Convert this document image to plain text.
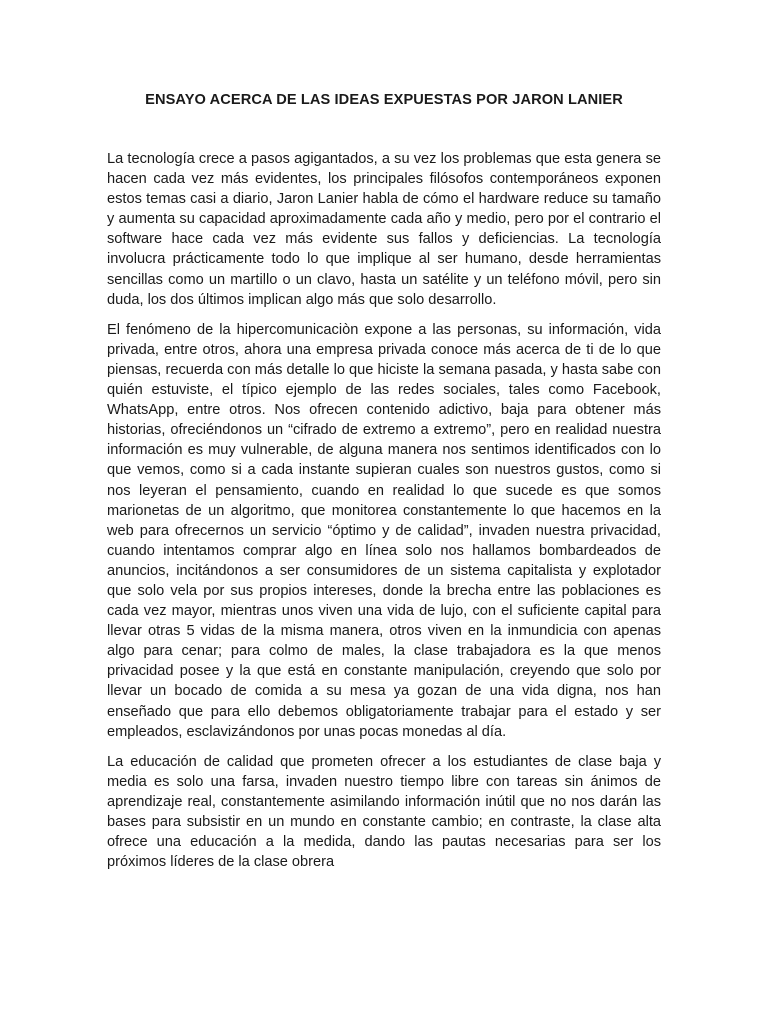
ENSAYO ACERCA DE LAS IDEAS EXPUESTAS POR JARON LANIER

La tecnología crece a pasos agigantados, a su vez los problemas que esta genera se hacen cada vez más evidentes, los principales filósofos contemporáneos exponen estos temas casi a diario, Jaron Lanier habla de cómo el hardware reduce su tamaño y aumenta su capacidad aproximadamente cada año y medio, pero por el contrario el software hace cada vez más evidente sus fallos y deficiencias. La tecnología involucra prácticamente todo lo que implique al ser humano, desde herramientas sencillas como un martillo o un clavo, hasta un satélite y un teléfono móvil, pero sin duda, los dos últimos implican algo más que solo desarrollo.

El fenómeno de la hipercomunicaciòn expone a las personas, su información, vida privada, entre otros, ahora una empresa privada conoce más acerca de ti de lo que piensas, recuerda con más detalle lo que hiciste la semana pasada, y hasta sabe con quién estuviste, el típico ejemplo de las redes sociales, tales como Facebook, WhatsApp, entre otros. Nos ofrecen contenido adictivo, baja para obtener más historias, ofreciéndonos un “cifrado de extremo a extremo”, pero en realidad nuestra información es muy vulnerable, de alguna manera nos sentimos identificados con lo que vemos, como si a cada instante supieran cuales son nuestros gustos, como si nos leyeran el pensamiento, cuando en realidad lo que sucede es que somos marionetas de un algoritmo, que monitorea constantemente lo que hacemos en la web para ofrecernos un servicio “óptimo y de calidad”, invaden nuestra privacidad, cuando intentamos comprar algo en línea solo nos hallamos bombardeados de anuncios, incitándonos a ser consumidores de un sistema capitalista y explotador que solo vela por sus propios intereses, donde la brecha entre las poblaciones es cada vez mayor, mientras unos viven una vida de lujo, con el suficiente capital para llevar otras 5 vidas de la misma manera, otros viven en la inmundicia con apenas algo para cenar; para colmo de males, la clase trabajadora es la que menos privacidad posee y la que está en constante manipulación, creyendo que solo por llevar un bocado de comida a su mesa ya gozan de una vida digna, nos han enseñado que para ello debemos obligatoriamente trabajar para el estado y ser empleados, esclavizándonos por unas pocas monedas al día.

La educación de calidad que prometen ofrecer a los estudiantes de clase baja y media es solo una farsa, invaden nuestro tiempo libre con tareas sin ánimos de aprendizaje real, constantemente asimilando información inútil que no nos darán las bases para subsistir en un mundo en constante cambio; en contraste, la clase alta ofrece una educación a la medida, dando las pautas necesarias para ser los próximos líderes de la clase obrera
